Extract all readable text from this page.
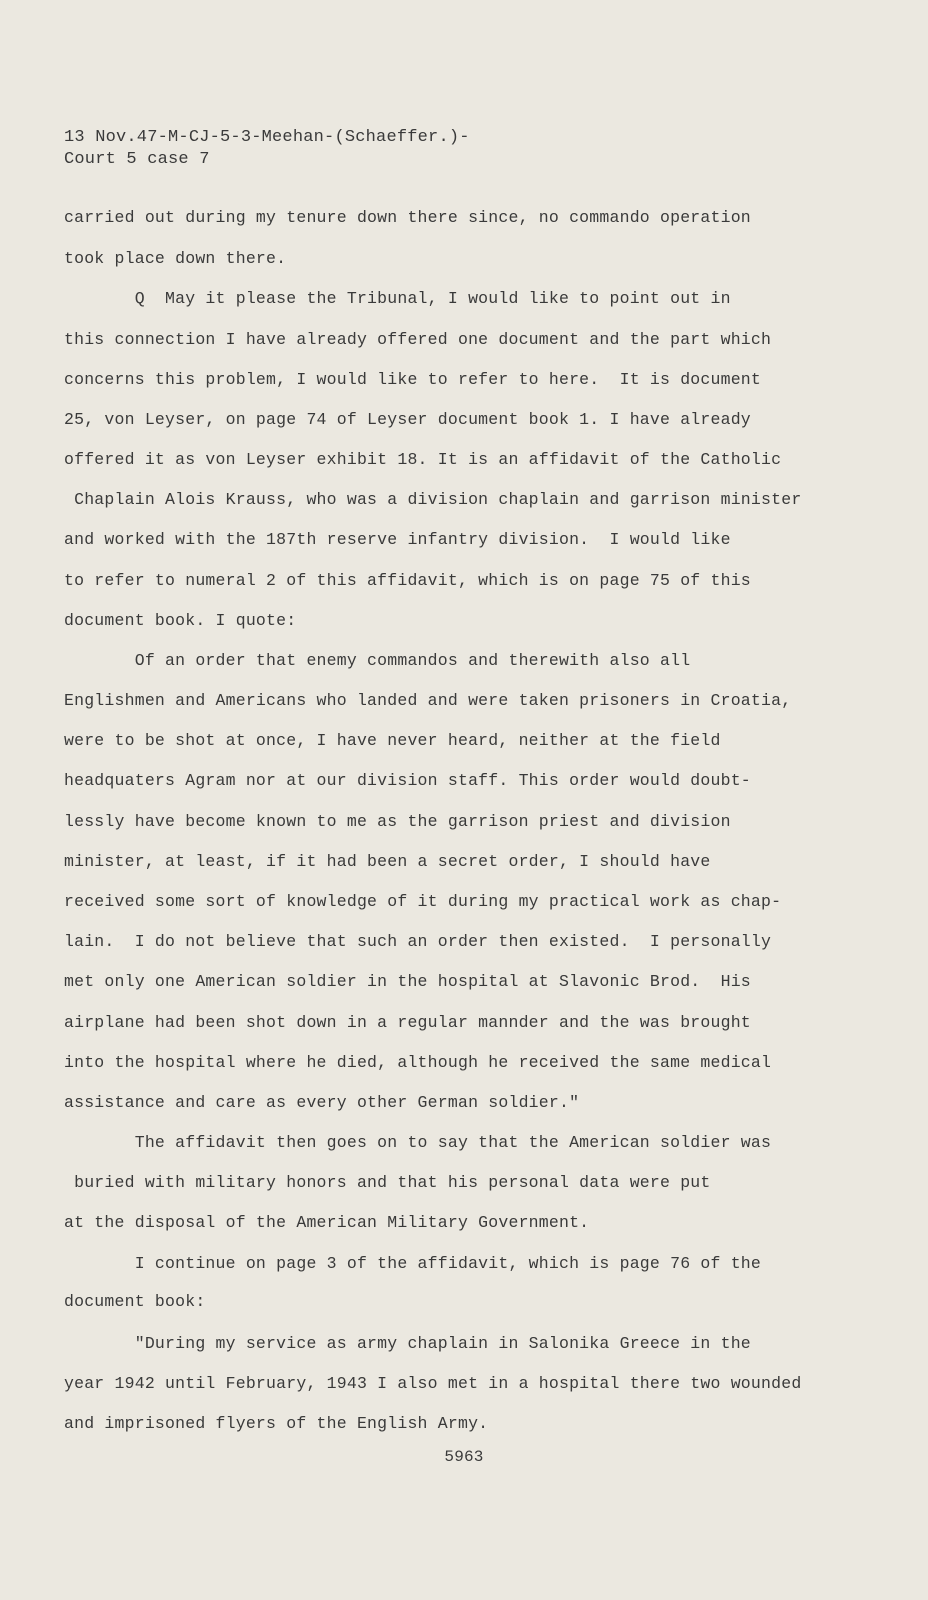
13 Nov.47-M-CJ-5-3-Meehan-(Schaeffer.)-
Court 5 case 7
carried out during my tenure down there since, no commando operation
took place down there.
Q  May it please the Tribunal, I would like to point out in
this connection I have already offered one document and the part which
concerns this problem, I would like to refer to here.  It is document
25, von Leyser, on page 74 of Leyser document book 1. I have already
offered it as von Leyser exhibit 18. It is an affidavit of the Catholic
Chaplain Alois Krauss, who was a division chaplain and garrison minister
and worked with the 187th reserve infantry division.  I would like
to refer to numeral 2 of this affidavit, which is on page 75 of this
document book. I quote:
Of an order that enemy commandos and therewith also all
Englishmen and Americans who landed and were taken prisoners in Croatia,
were to be shot at once, I have never heard, neither at the field
headquaters Agram nor at our division staff. This order would doubt-
lessly have become known to me as the garrison priest and division
minister, at least, if it had been a secret order, I should have
received some sort of knowledge of it during my practical work as chap-
lain.  I do not believe that such an order then existed.  I personally
met only one American soldier in the hospital at Slavonic Brod.  His
airplane had been shot down in a regular mannder and the was brought
into the hospital where he died, although he received the same medical
assistance and care as every other German soldier."
The affidavit then goes on to say that the American soldier was
buried with military honors and that his personal data were put
at the disposal of the American Military Government.
I continue on page 3 of the affidavit, which is page 76 of the
document book:
"During my service as army chaplain in Salonika Greece in the
year 1942 until February, 1943 I also met in a hospital there two wounded
and imprisoned flyers of the English Army.
5963
